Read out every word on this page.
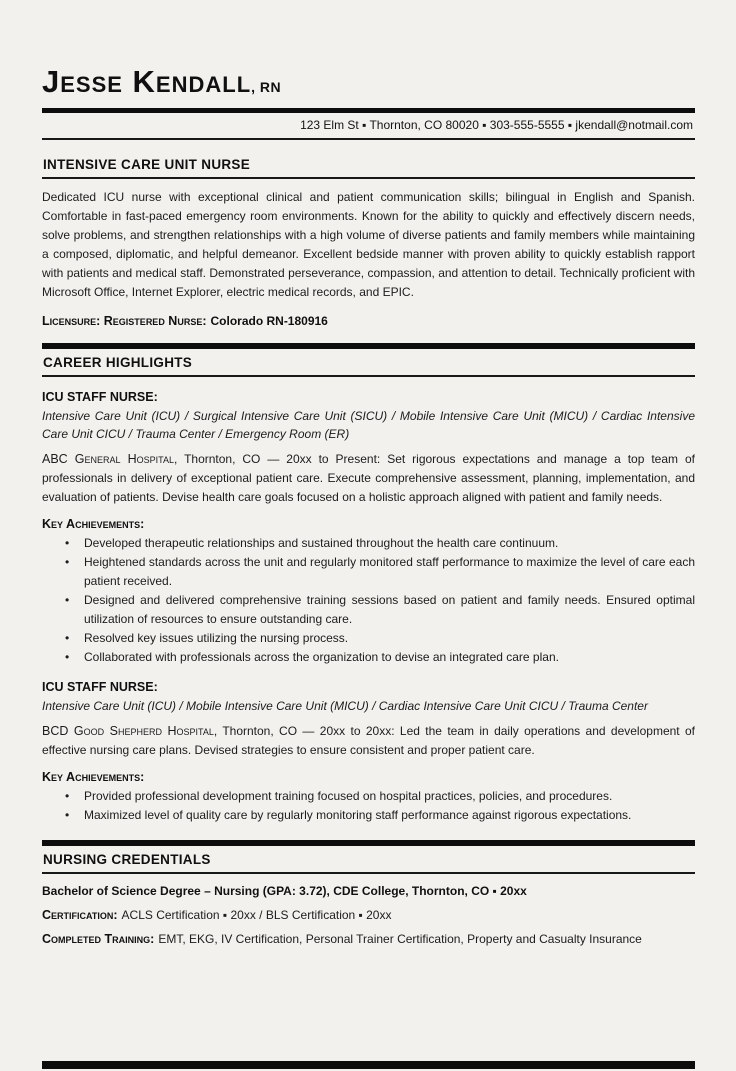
Jesse Kendall, RN
123 Elm St ▪ Thornton, CO 80020 ▪ 303-555-5555 ▪ jkendall@notmail.com
INTENSIVE CARE UNIT NURSE

Dedicated ICU nurse with exceptional clinical and patient communication skills; bilingual in English and Spanish. Comfortable in fast-paced emergency room environments. Known for the ability to quickly and effectively discern needs, solve problems, and strengthen relationships with a high volume of diverse patients and family members while maintaining a composed, diplomatic, and helpful demeanor. Excellent bedside manner with proven ability to quickly establish rapport with patients and medical staff. Demonstrated perseverance, compassion, and attention to detail. Technically proficient with Microsoft Office, Internet Explorer, electric medical records, and EPIC.

Licensure: Registered Nurse: Colorado RN-180916

CAREER HIGHLIGHTS
ICU STAFF NURSE:

Intensive Care Unit (ICU) / Surgical Intensive Care Unit (SICU) / Mobile Intensive Care Unit (MICU) / Cardiac Intensive Care Unit CICU / Trauma Center / Emergency Room (ER)

ABC General Hospital, Thornton, CO — 20xx to Present: Set rigorous expectations and manage a top team of professionals in delivery of exceptional patient care. Execute comprehensive assessment, planning, implementation, and evaluation of patients. Devise health care goals focused on a holistic approach aligned with patient and family needs.

Key Achievements:
• Developed therapeutic relationships and sustained throughout the health care continuum.
• Heightened standards across the unit and regularly monitored staff performance to maximize the level of care each patient received.
• Designed and delivered comprehensive training sessions based on patient and family needs. Ensured optimal utilization of resources to ensure outstanding care.
• Resolved key issues utilizing the nursing process.
• Collaborated with professionals across the organization to devise an integrated care plan.
ICU STAFF NURSE:

Intensive Care Unit (ICU) / Mobile Intensive Care Unit (MICU) / Cardiac Intensive Care Unit CICU / Trauma Center

BCD Good Shepherd Hospital, Thornton, CO — 20xx to 20xx: Led the team in daily operations and development of effective nursing care plans. Devised strategies to ensure consistent and proper patient care.

Key Achievements:
• Provided professional development training focused on hospital practices, policies, and procedures.
• Maximized level of quality care by regularly monitoring staff performance against rigorous expectations.
NURSING CREDENTIALS

Bachelor of Science Degree – Nursing (GPA: 3.72), CDE College, Thornton, CO ▪ 20xx

Certification: ACLS Certification ▪ 20xx / BLS Certification ▪ 20xx

Completed Training: EMT, EKG, IV Certification, Personal Trainer Certification, Property and Casualty Insurance
